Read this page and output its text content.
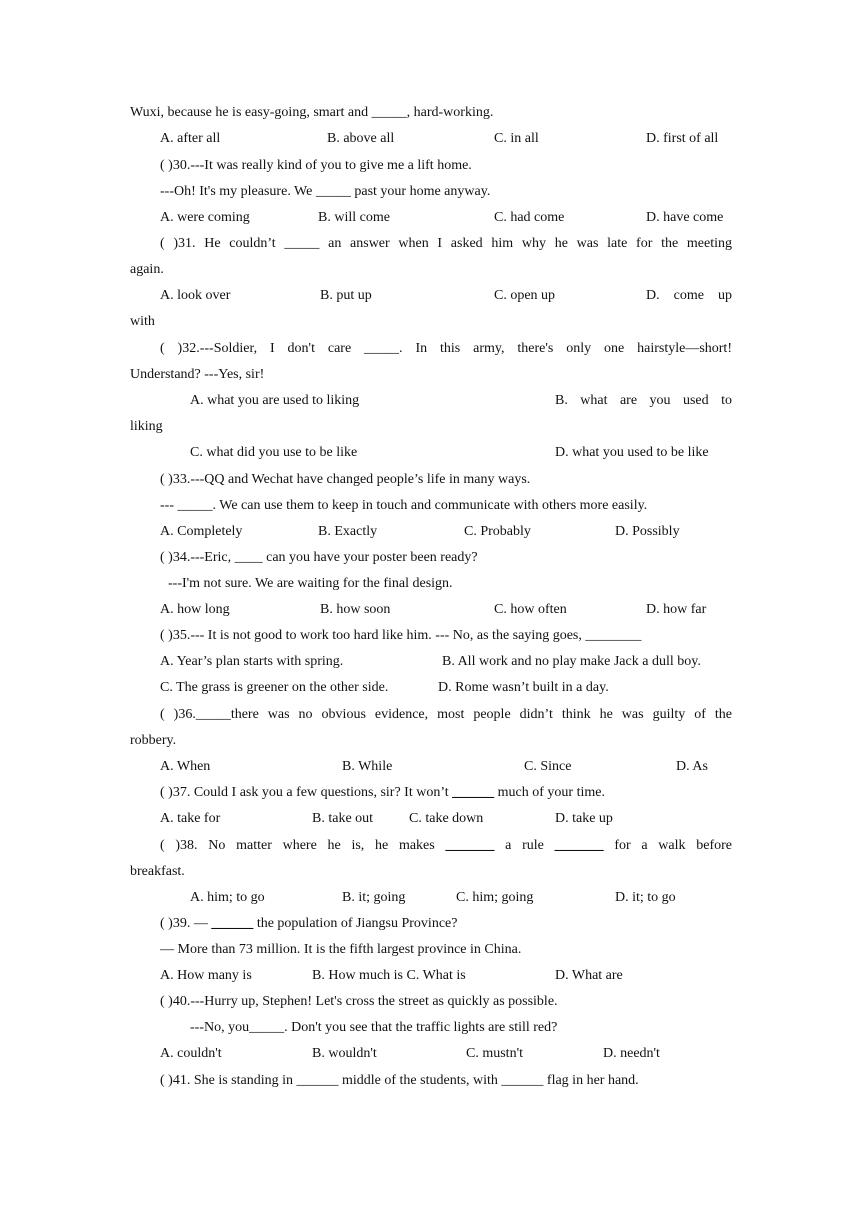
Wuxi, because he is easy-going, smart and _____, hard-working.
A. after all	B. above all	C. in all	D. first of all
( )30.---It was really kind of you to give me a lift home.
---Oh! It's my pleasure. We _____ past your home anyway.
A. were coming	B. will come	C. had come	D. have come
( )31. He couldn’t _____ an answer when I asked him why he was late for the meeting
again.
A. look over	B. put up	C. open up	D. come up
with
( )32.---Soldier, I don't care _____. In this army, there's only one hairstyle—short!
Understand? ---Yes, sir!
A. what you are used to liking	B. what are you used to
liking
C. what did you use to be like	D. what you used to be like
( )33.---QQ and Wechat have changed people’s life in many ways.
--- _____. We can use them to keep in touch and communicate with others more easily.
A. Completely	B. Exactly	C. Probably	D. Possibly
( )34.---Eric, ____ can you have your poster been ready?
---I'm not sure. We are waiting for the final design.
A. how long	B. how soon	C. how often	D. how far
( )35.--- It is not good to work too hard like him. --- No, as the saying goes, ________
A. Year’s plan starts with spring.	B. All work and no play make Jack a dull boy.
C. The grass is greener on the other side.	D. Rome wasn’t built in a day.
( )36._____there was no obvious evidence, most people didn’t think he was guilty of the
robbery.
A. When	B. While	C. Since	D. As
( )37. Could I ask you a few questions, sir? It won’t ______ much of your time.
A. take for	B. take out	C. take down	D. take up
( )38. No matter where he is, he makes _______ a rule _______ for a walk before
breakfast.
A. him; to go	B. it; going	C. him; going	D. it; to go
( )39. — ______ the population of Jiangsu Province?
— More than 73 million. It is the fifth largest province in China.
A. How many is	B. How much is C. What is	D. What are
( )40.---Hurry up, Stephen! Let's cross the street as quickly as possible.
---No, you_____. Don't you see that the traffic lights are still red?
A. couldn't	B. wouldn't	C. mustn't	D. needn't
( )41. She is standing in ______ middle of the students, with ______ flag in her hand.
